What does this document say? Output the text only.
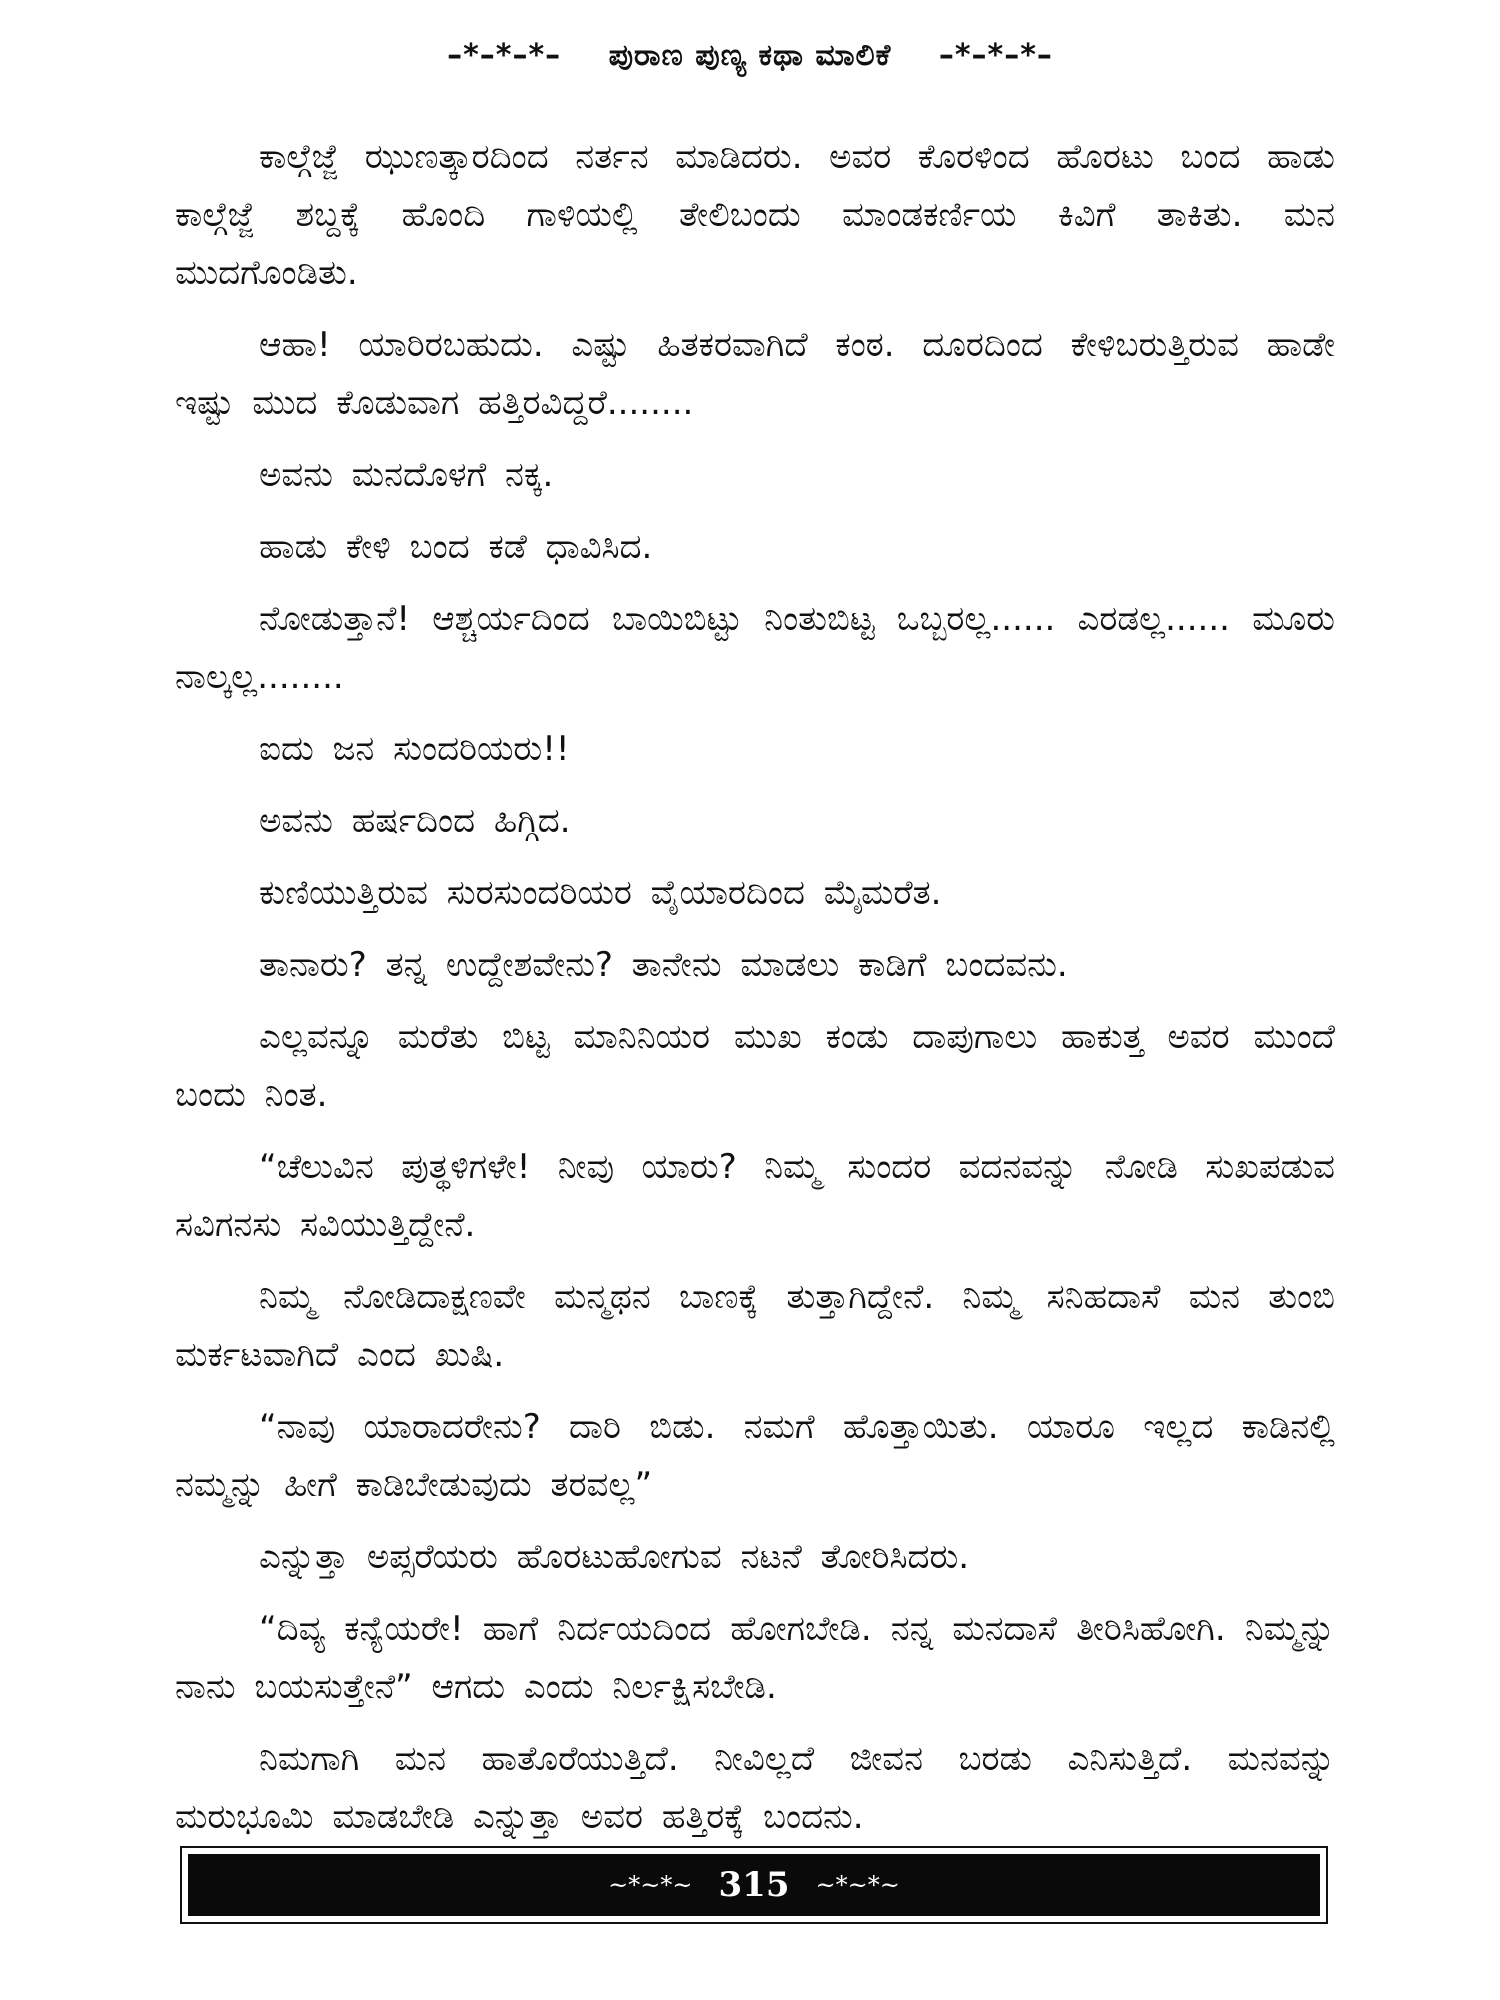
–*–*–*– ಪುರಾಣ ಪುಣ್ಯ ಕಥಾ ಮಾಲಿಕೆ –*–*–*–

ಕಾಲ್ಗೆಜ್ಜೆ ಝುಣತ್ಕಾರದಿಂದ ನರ್ತನ ಮಾಡಿದರು. ಅವರ ಕೊರಳಿಂದ ಹೊರಟು ಬಂದ ಹಾಡು ಕಾಲ್ಗೆಜ್ಜೆ ಶಬ್ದಕ್ಕೆ ಹೊಂದಿ ಗಾಳಿಯಲ್ಲಿ ತೇಲಿಬಂದು ಮಾಂಡಕರ್ಣಿಯ ಕಿವಿಗೆ ತಾಕಿತು. ಮನ ಮುದಗೊಂಡಿತು.

ಆಹಾ! ಯಾರಿರಬಹುದು. ಎಷ್ಟು ಹಿತಕರವಾಗಿದೆ ಕಂಠ. ದೂರದಿಂದ ಕೇಳಿಬರುತ್ತಿರುವ ಹಾಡೇ ಇಷ್ಟು ಮುದ ಕೊಡುವಾಗ ಹತ್ತಿರವಿದ್ದರೆ........

ಅವನು ಮನದೊಳಗೆ ನಕ್ಕ.

ಹಾಡು ಕೇಳಿ ಬಂದ ಕಡೆ ಧಾವಿಸಿದ.

ನೋಡುತ್ತಾನೆ! ಆಶ್ಚರ್ಯದಿಂದ ಬಾಯಿಬಿಟ್ಟು ನಿಂತುಬಿಟ್ಟ ಒಬ್ಬರಲ್ಲ...... ಎರಡಲ್ಲ...... ಮೂರು ನಾಲ್ಕಲ್ಲ........

ಐದು ಜನ ಸುಂದರಿಯರು!!

ಅವನು ಹರ್ಷದಿಂದ ಹಿಗ್ಗಿದ.

ಕುಣಿಯುತ್ತಿರುವ ಸುರಸುಂದರಿಯರ ವೈಯಾರದಿಂದ ಮೈಮರೆತ.

ತಾನಾರು? ತನ್ನ ಉದ್ದೇಶವೇನು? ತಾನೇನು ಮಾಡಲು ಕಾಡಿಗೆ ಬಂದವನು.

ಎಲ್ಲವನ್ನೂ ಮರೆತು ಬಿಟ್ಟ ಮಾನಿನಿಯರ ಮುಖ ಕಂಡು ದಾಪುಗಾಲು ಹಾಕುತ್ತ ಅವರ ಮುಂದೆ ಬಂದು ನಿಂತ.

“ಚೆಲುವಿನ ಪುತ್ಥಳಿಗಳೇ! ನೀವು ಯಾರು? ನಿಮ್ಮ ಸುಂದರ ವದನವನ್ನು ನೋಡಿ ಸುಖಪಡುವ ಸವಿಗನಸು ಸವಿಯುತ್ತಿದ್ದೇನೆ.

ನಿಮ್ಮ ನೋಡಿದಾಕ್ಷಣವೇ ಮನ್ಮಥನ ಬಾಣಕ್ಕೆ ತುತ್ತಾಗಿದ್ದೇನೆ. ನಿಮ್ಮ ಸನಿಹದಾಸೆ ಮನ ತುಂಬಿ ಮರ್ಕಟವಾಗಿದೆ ಎಂದ ಖುಷಿ.

“ನಾವು ಯಾರಾದರೇನು? ದಾರಿ ಬಿಡು. ನಮಗೆ ಹೊತ್ತಾಯಿತು. ಯಾರೂ ಇಲ್ಲದ ಕಾಡಿನಲ್ಲಿ ನಮ್ಮನ್ನು ಹೀಗೆ ಕಾಡಿಬೇಡುವುದು ತರವಲ್ಲ”

ಎನ್ನುತ್ತಾ ಅಪ್ಸರೆಯರು ಹೊರಟುಹೋಗುವ ನಟನೆ ತೋರಿಸಿದರು.

“ದಿವ್ಯ ಕನ್ಯೆಯರೇ! ಹಾಗೆ ನಿರ್ದಯದಿಂದ ಹೋಗಬೇಡಿ. ನನ್ನ ಮನದಾಸೆ ತೀರಿಸಿಹೋಗಿ. ನಿಮ್ಮನ್ನು ನಾನು ಬಯಸುತ್ತೇನೆ” ಆಗದು ಎಂದು ನಿರ್ಲಕ್ಷಿಸಬೇಡಿ.

ನಿಮಗಾಗಿ ಮನ ಹಾತೊರೆಯುತ್ತಿದೆ. ನೀವಿಲ್ಲದೆ ಜೀವನ ಬರಡು ಎನಿಸುತ್ತಿದೆ. ಮನವನ್ನು ಮರುಭೂಮಿ ಮಾಡಬೇಡಿ ಎನ್ನುತ್ತಾ ಅವರ ಹತ್ತಿರಕ್ಕೆ ಬಂದನು.

~*~*~ 315 ~*~*~
